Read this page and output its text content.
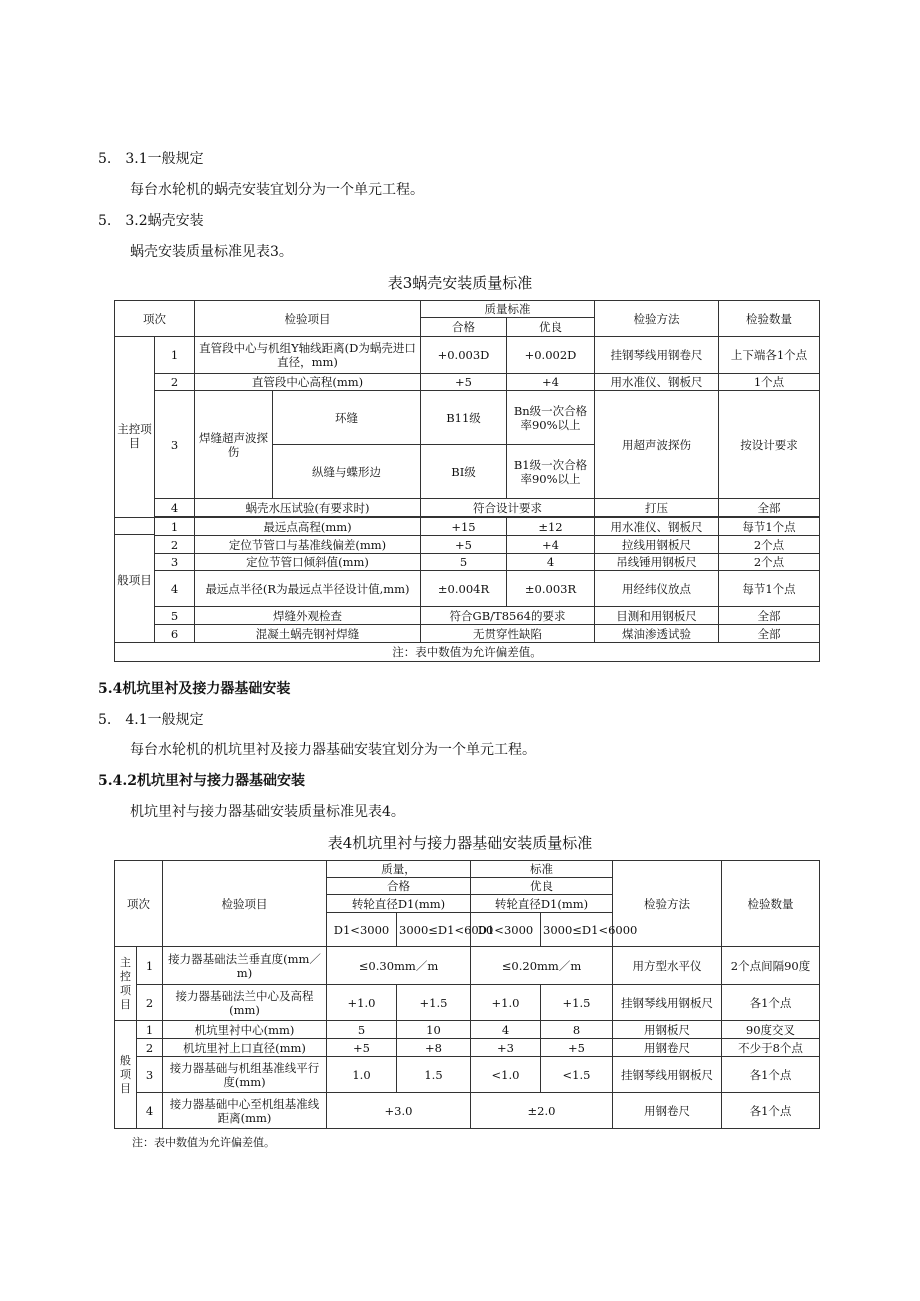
5.　3.1一般规定
每台水轮机的蜗壳安装宜划分为一个单元工程。
5.　3.2蜗壳安装
蜗壳安装质量标准见表3。
表3蜗壳安装质量标准
项次		检验项目		质量标准		检验方法	检验数量
				合格	优良		
主控项目	1	直管段中心与机组Y轴线距离(D为蜗壳进口直径，mm)		+0.003D	+0.002D	挂钢琴线用钢卷尺	上下端各1个点
	2	直管段中心高程(mm)		+5	+4	用水准仪、钢板尺	1个点
	3	焊缝超声波探伤	环缝	B11级	Bn级一次合格率90%以上	用超声波探伤	按设计要求
			纵缝与蝶形边	BI级	B1级一次合格率90%以上		
	4	蜗壳水压试验(有要求时)		符合设计要求		打压	全部

般项目	1	最远点高程(mm)	+15	±12	用水准仪、钢板尺	每节1个点
	2	定位节管口与基准线偏差(mm)	+5	+4	拉线用钢板尺	2个点
	3	定位节管口倾斜值(mm)	5	4	吊线锤用钢板尺	2个点
	4	最远点半径(R为最远点半径设计值,mm)	±0.004R	±0.003R	用经纬仪放点	每节1个点
	5	焊缝外观检查	符合GB/T8564的要求		目测和用钢板尺	全部
	6	混凝土蜗壳钢衬焊缝	无贯穿性缺陷		煤油渗透试验	全部
注：表中数值为允许偏差值。						
5.4机坑里衬及接力器基础安装
5.　4.1一般规定
每台水轮机的机坑里衬及接力器基础安装宜划分为一个单元工程。
5.4.2机坑里衬与接力器基础安装
机坑里衬与接力器基础安装质量标准见表4。
表4机坑里衬与接力器基础安装质量标准
项次		检验项目	质量，		标准		检验方法	检验数量
			合格		优良			
			转轮直径D1(mm)		转轮直径D1(mm)			
			D1<3000	3000≤D1<6000	D1<3000	3000≤D1<6000		
主控项目	1	接力器基础法兰垂直度(mm／m)	≤0.30mm／m		≤0.20mm／m		用方型水平仪	2个点间隔90度
	2	接力器基础法兰中心及高程(mm)	+1.0	+1.5	+1.0	+1.5	挂钢琴线用钢板尺	各1个点
般项目	1	机坑里衬中心(mm)	5	10	4	8	用钢板尺	90度交叉
	2	机坑里衬上口直径(mm)	+5	+8	+3	+5	用钢卷尺	不少于8个点
	3	接力器基础与机组基准线平行度(mm)	1.0	1.5	<1.0	<1.5	挂钢琴线用钢板尺	各1个点
	4	接力器基础中心至机组基准线距离(mm)	+3.0		±2.0		用钢卷尺	各1个点
注：表中数值为允许偏差值。
